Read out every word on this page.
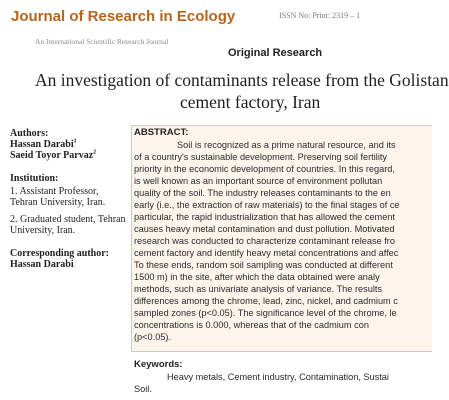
Journal of Research in Ecology	ISSN No: Print: 2319 – 1
An International Scientific Research Journal
Original Research
An investigation of contaminants release from the Golistan
cement factory, Iran
Authors:
Hassan Darabi$^1$
Saeid Toyor Parvaz$^2$
Institution:
1. Assistant Professor,
Tehran University, Iran.
2. Graduated student, Tehran
University, Iran.
Corresponding author:
Hassan Darabi
ABSTRACT:
Soil is recognized as a prime natural resource, and its
of a country's sustainable development. Preserving soil fertility
priority in the economic development of countries. In this regard,
is well known as an important source of environment pollutan
quality of the soil. The industry releases contaminants to the en
early (i.e., the extraction of raw materials) to the final stages of ce
particular, the rapid industrialization that has allowed the cement
causes heavy metal contamination and dust pollution. Motivated
research was conducted to characterize contaminant release fro
cement factory and identify heavy metal concentrations and affec
To these ends, random soil sampling was conducted at different
1500 m) in the site, after which the data obtained were analy
methods, such as univariate analysis of variance. The results
differences among the chrome, lead, zinc, nickel, and cadmium c
sampled zones (p<0.05). The significance level of the chrome, le
concentrations is 0.000, whereas that of the cadmium con
(p<0.05).
Keywords:
Heavy metals, Cement industry, Contamination, Sustai
Soil.
